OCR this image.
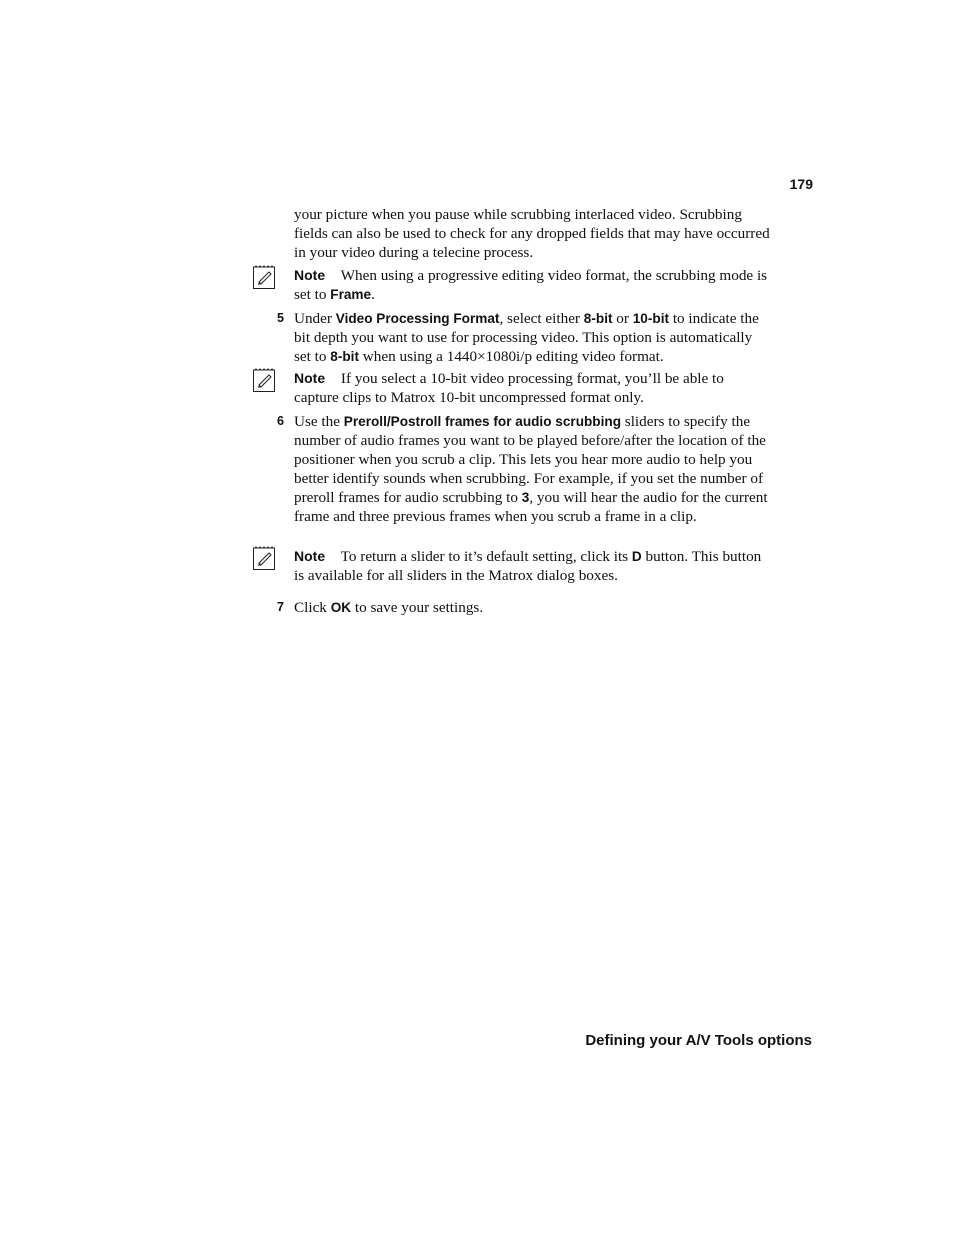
179

your picture when you pause while scrubbing interlaced video. Scrubbing fields can also be used to check for any dropped fields that may have occurred in your video during a telecine process.

Note When using a progressive editing video format, the scrubbing mode is set to Frame.

5 Under Video Processing Format, select either 8-bit or 10-bit to indicate the bit depth you want to use for processing video. This option is automatically set to 8-bit when using a 1440×1080i/p editing video format.

Note If you select a 10-bit video processing format, you’ll be able to capture clips to Matrox 10-bit uncompressed format only.

6 Use the Preroll/Postroll frames for audio scrubbing sliders to specify the number of audio frames you want to be played before/after the location of the positioner when you scrub a clip. This lets you hear more audio to help you better identify sounds when scrubbing. For example, if you set the number of preroll frames for audio scrubbing to 3, you will hear the audio for the current frame and three previous frames when you scrub a frame in a clip.

Note To return a slider to it’s default setting, click its D button. This button is available for all sliders in the Matrox dialog boxes.

7 Click OK to save your settings.

Defining your A/V Tools options
